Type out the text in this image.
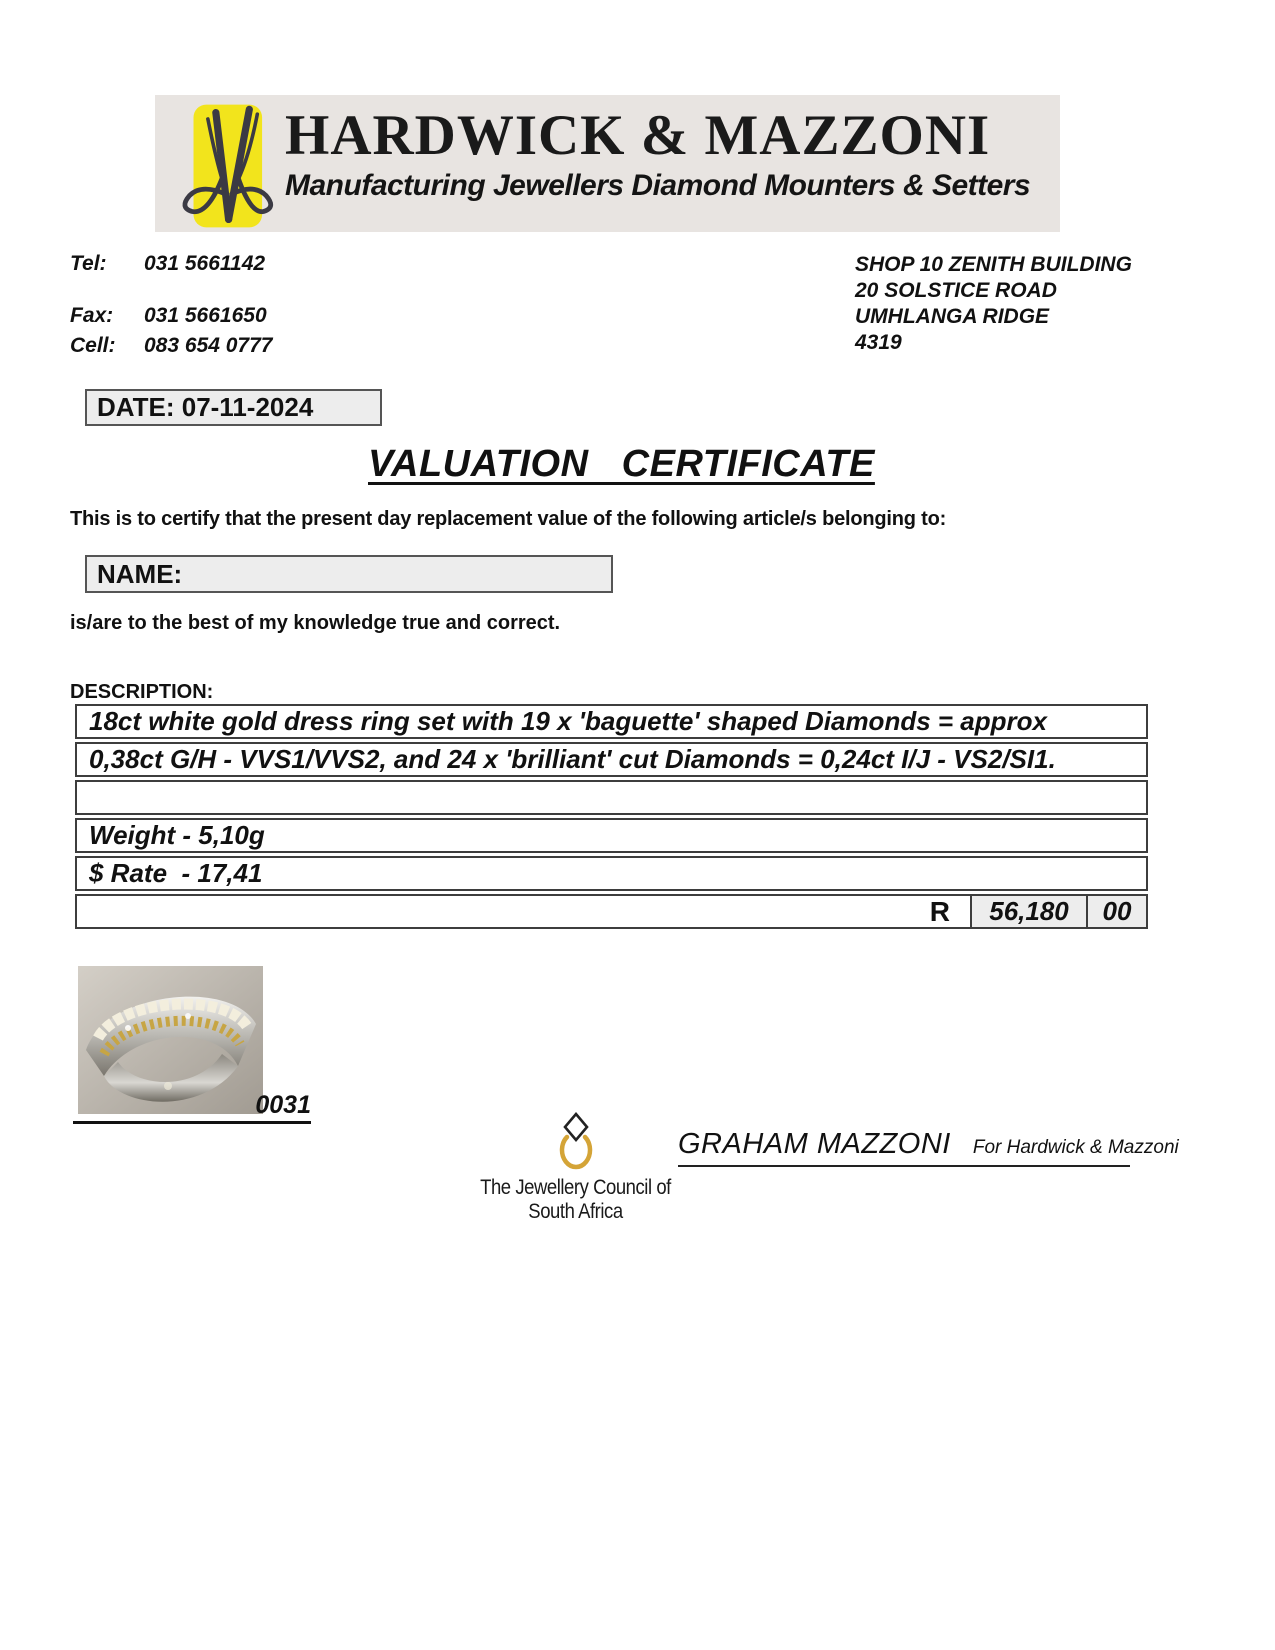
HARDWICK & MAZZONI
Manufacturing Jewellers Diamond Mounters & Setters
Tel:	031 5661142
Fax:	031 5661650
Cell:	083 654 0777
SHOP 10 ZENITH BUILDING
20 SOLSTICE ROAD
UMHLANGA RIDGE
4319
DATE: 07-11-2024
VALUATION   CERTIFICATE
This is to certify that the present day replacement value of the following article/s belonging to:
NAME:
is/are to the best of my knowledge true and correct.
DESCRIPTION:
18ct white gold dress ring set with 19 x 'baguette' shaped Diamonds = approx
0,38ct G/H - VVS1/VVS2, and 24 x 'brilliant' cut Diamonds = 0,24ct I/J - VS2/SI1.
Weight - 5,10g
$ Rate  - 17,41
R	56,180	00
0031
The Jewellery Council of
South Africa
GRAHAM MAZZONI For Hardwick & Mazzoni
